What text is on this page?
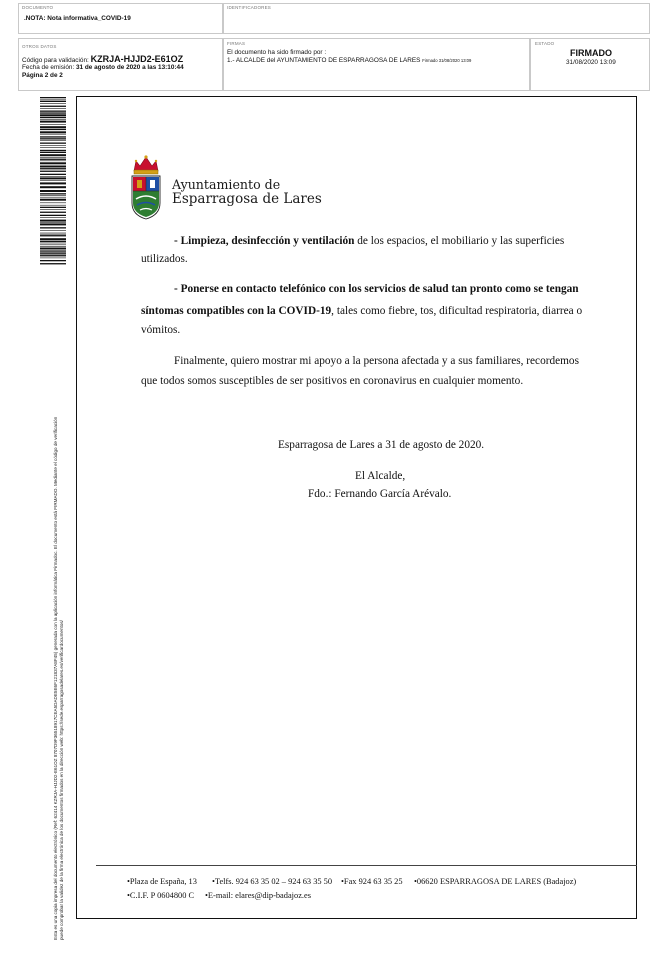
DOCUMENTO
.NOTA: Nota informativa_COVID-19
IDENTIFICADORES
OTROS DATOS
Código para validación: KZRJA-HJJD2-E61OZ
Fecha de emisión: 31 de agosto de 2020 a las 13:10:44
Página 2 de 2
FIRMAS
El documento ha sido firmado por :
1.- ALCALDE del AYUNTAMIENTO DE ESPARRAGOSA DE LARES Firmado 31/08/2020 13:09
ESTADO
FIRMADO
31/08/2020 13:09
Esta es una copia impresa del documento electrónico (Ref: 62414 KZRJA-HJJD2-E61OZ 8707D9F36518917CEA5DADE5E6F121837A8F45) generada con la aplicación informática Firmadoc. El documento está FIRMADO. Mediante el código de verificación puede comprobar la validez de la firma electrónica de los documentos firmados en la dirección web: https://sede.esparragosadelares.es/verificardocumentos/
Ayuntamiento de
Esparragosa de Lares
- Limpieza, desinfección y ventilación de los espacios, el mobiliario y las superficies
utilizados.
- Ponerse en contacto telefónico con los servicios de salud tan pronto como se tengan
síntomas compatibles con la COVID-19, tales como fiebre, tos, dificultad respiratoria, diarrea o
vómitos.
Finalmente, quiero mostrar mi apoyo a la persona afectada y a sus familiares, recordemos
que todos somos susceptibles de ser positivos en coronavirus en cualquier momento.
Esparragosa de Lares a 31 de agosto de 2020.
El Alcalde,
Fdo.: Fernando García Arévalo.
•Plaza de España, 13 •Telfs. 924 63 35 02 – 924 63 35 50 •Fax 924 63 35 25 •06620 ESPARRAGOSA DE LARES (Badajoz)
•C.I.F. P 0604800 C •E-mail: elares@dip-badajoz.es
